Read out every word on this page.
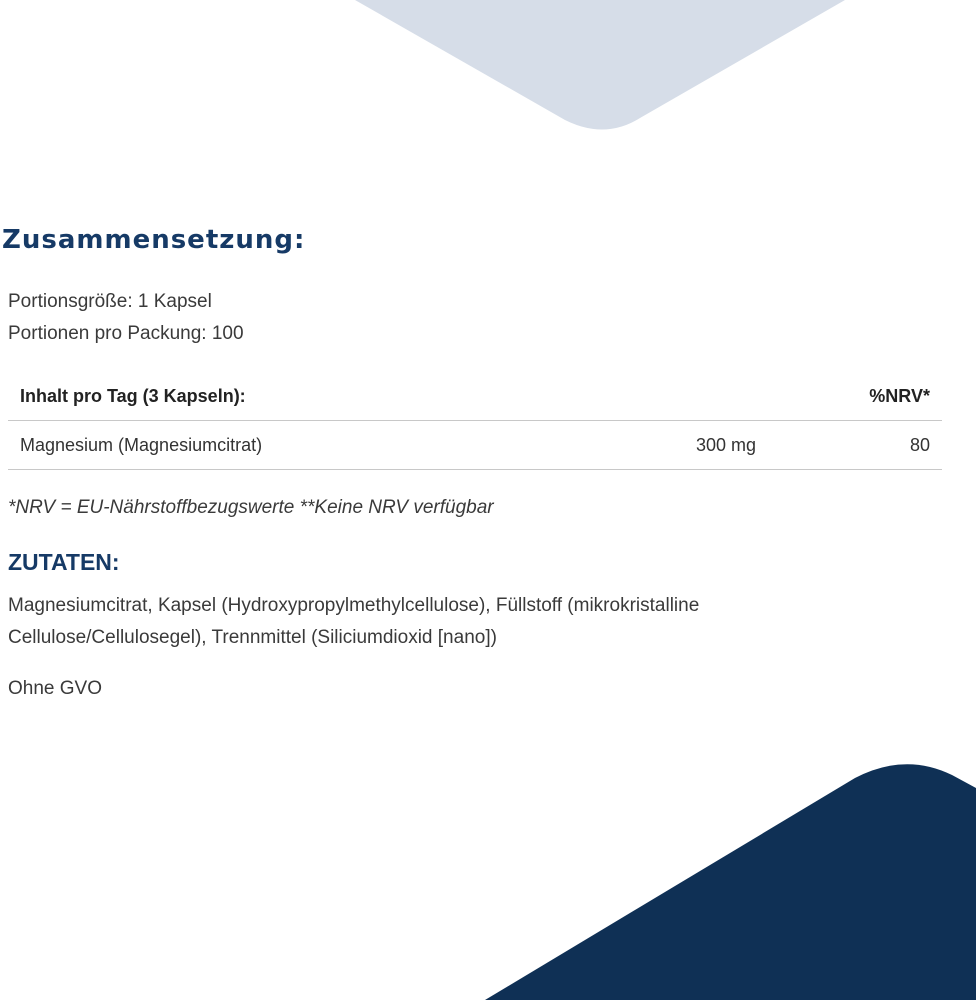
Zusammensetzung:

Portionsgröße: 1 Kapsel

Portionen pro Packung: 100

Inhalt pro Tag (3 Kapseln):		%NRV*
Magnesium (Magnesiumcitrat)	300 mg	80

*NRV = EU-Nährstoffbezugswerte **Keine NRV verfügbar

ZUTATEN:

Magnesiumcitrat, Kapsel (Hydroxypropylmethylcellulose), Füllstoff (mikrokristalline Cellulose/Cellulosegel), Trennmittel (Siliciumdioxid [nano])

Ohne GVO
